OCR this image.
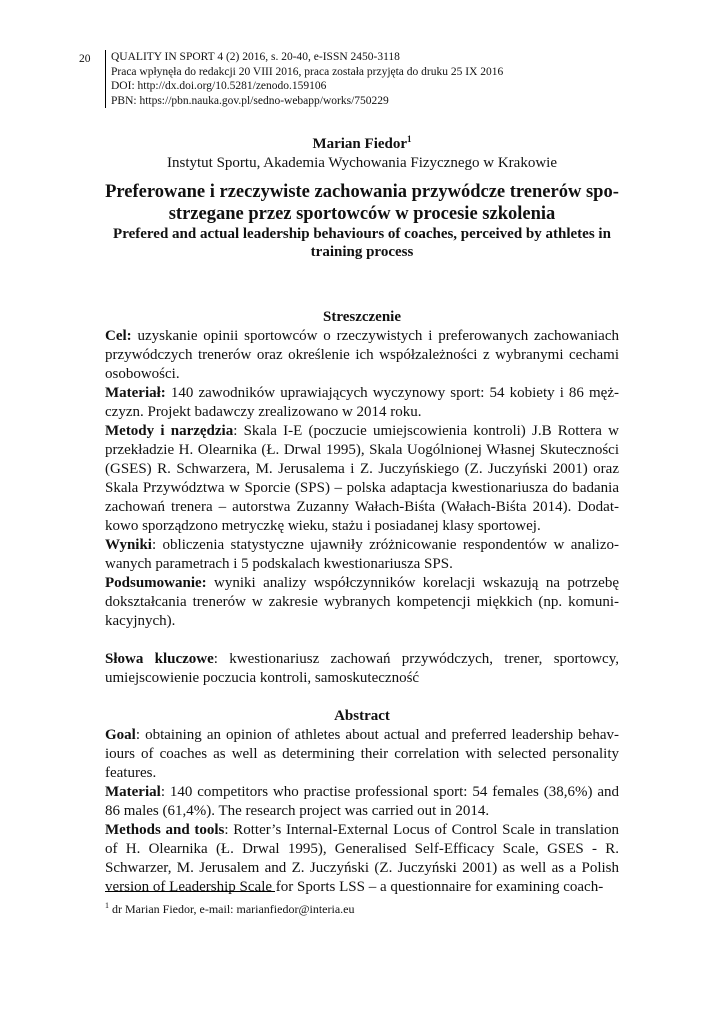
20 QUALITY IN SPORT 4 (2) 2016, s. 20-40, e-ISSN 2450-3118
Praca wpłynęła do redakcji 20 VIII 2016, praca została przyjęta do druku 25 IX 2016
DOI: http://dx.doi.org/10.5281/zenodo.159106
PBN: https://pbn.nauka.gov.pl/sedno-webapp/works/750229
Marian Fiedor$^1$
Instytut Sportu, Akademia Wychowania Fizycznego w Krakowie
Preferowane i rzeczywiste zachowania przywódcze trenerów spo-strzegane przez sportowców w procesie szkolenia
Prefered and actual leadership behaviours of coaches, perceived by athletes in training process
Streszczenie

Cel: uzyskanie opinii sportowców o rzeczywistych i preferowanych zachowaniach przywódczych trenerów oraz określenie ich współzależności z wybranymi cechami osobowości.

Materiał: 140 zawodników uprawiających wyczynowy sport: 54 kobiety i 86 męż-czyzn. Projekt badawczy zrealizowano w 2014 roku.

Metody i narzędzia: Skala I-E (poczucie umiejscowienia kontroli) J.B Rottera w przekładzie H. Olearnika (Ł. Drwal 1995), Skala Uogólnionej Własnej Skuteczności (GSES) R. Schwarzera, M. Jerusalema i Z. Juczyńskiego (Z. Juczyński 2001) oraz Skala Przywództwa w Sporcie (SPS) – polska adaptacja kwestionariusza do badania zachowań trenera – autorstwa Zuzanny Wałach-Biśta (Wałach-Biśta 2014). Dodat-kowo sporządzono metryczkę wieku, stażu i posiadanej klasy sportowej.

Wyniki: obliczenia statystyczne ujawniły zróżnicowanie respondentów w analizo-wanych parametrach i 5 podskalach kwestionariusza SPS.

Podsumowanie: wyniki analizy współczynników korelacji wskazują na potrzebę dokształcania trenerów w zakresie wybranych kompetencji miękkich (np. komuni-kacyjnych).

Słowa kluczowe: kwestionariusz zachowań przywódczych, trener, sportowcy, umiejscowienie poczucia kontroli, samoskuteczność

Abstract

Goal: obtaining an opinion of athletes about actual and preferred leadership behav-iours of coaches as well as determining their correlation with selected personality features.

Material: 140 competitors who practise professional sport: 54 females (38,6%) and 86 males (61,4%). The research project was carried out in 2014.

Methods and tools: Rotter’s Internal-External Locus of Control Scale in translation of H. Olearnika (Ł. Drwal 1995), Generalised Self-Efficacy Scale, GSES - R. Schwarzer, M. Jerusalem and Z. Juczyński (Z. Juczyński 2001) as well as a Polish version of Leadership Scale for Sports LSS – a questionnaire for examining coach-

$^1$ dr Marian Fiedor, e-mail: marianfiedor@interia.eu
